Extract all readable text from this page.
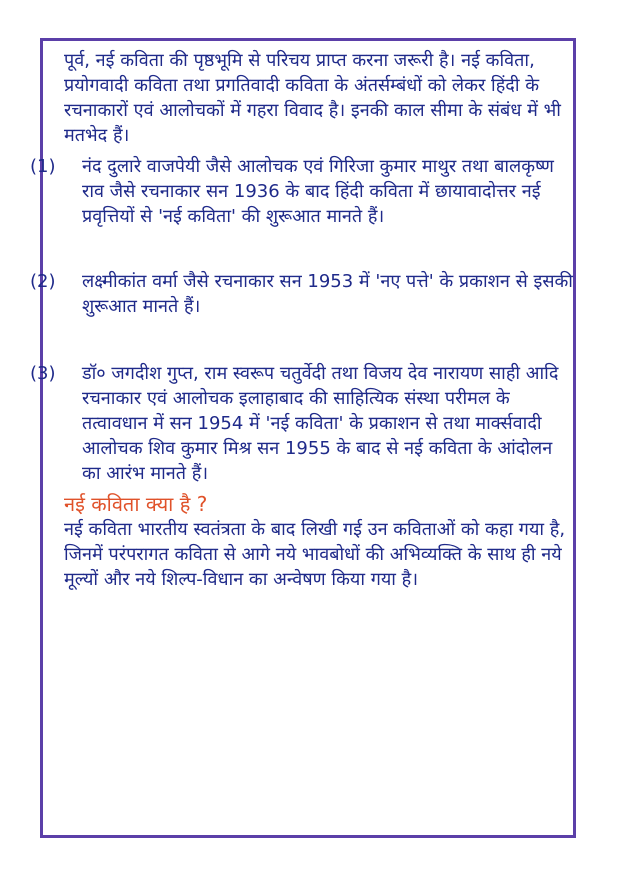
पूर्व, नई कविता की पृष्ठभूमि से परिचय प्राप्त करना जरूरी है। नई कविता, प्रयोगवादी कविता तथा प्रगतिवादी कविता के अंतर्सम्बंधों को लेकर हिंदी के रचनाकारों एवं आलोचकों में गहरा विवाद है। इनकी काल सीमा के संबंध में भी मतभेद हैं।

(1) नंद दुलारे वाजपेयी जैसे आलोचक एवं गिरिजा कुमार माथुर तथा बालकृष्ण राव जैसे रचनाकार सन 1936 के बाद हिंदी कविता में छायावादोत्तर नई प्रवृत्तियों से 'नई कविता' की शुरूआत मानते हैं।
(2) लक्ष्मीकांत वर्मा जैसे रचनाकार सन 1953 में 'नए पत्ते' के प्रकाशन से इसकी शुरूआत मानते हैं।
(3) डॉ० जगदीश गुप्त, राम स्वरूप चतुर्वेदी तथा विजय देव नारायण साही आदि रचनाकार एवं आलोचक इलाहाबाद की साहित्यिक संस्था परीमल के तत्वावधान में सन 1954 में 'नई कविता' के प्रकाशन से तथा मार्क्सवादी आलोचक शिव कुमार मिश्र सन 1955 के बाद से नई कविता के आंदोलन का आरंभ मानते हैं।
नई कविता क्या है ?

नई कविता भारतीय स्वतंत्रता के बाद लिखी गई उन कविताओं को कहा गया है, जिनमें परंपरागत कविता से आगे नये भावबोधों की अभिव्यक्ति के साथ ही नये मूल्यों और नये शिल्प-विधान का अन्वेषण किया गया है।
